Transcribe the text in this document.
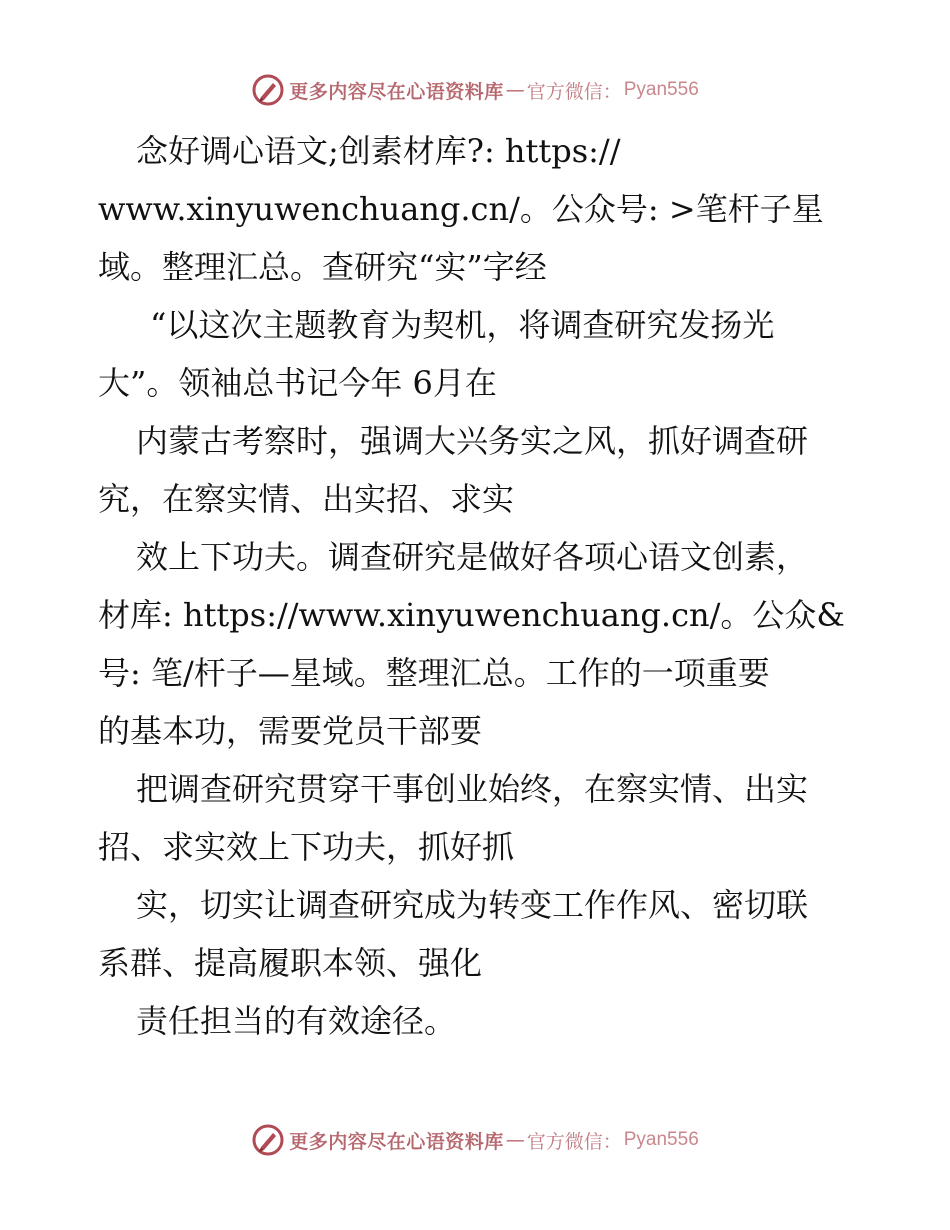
更多内容尽在心语资料库 — 官方微信： Pyan556

念好调心语文;创素材库?: https://

www.xinyuwenchuang.cn/。公众号: >笔杆子星

域。整理汇总。查研究“实”字经

“以这次主题教育为契机，将调查研究发扬光

大”。领袖总书记今年 6月在

内蒙古考察时，强调大兴务实之风，抓好调查研

究，在察实情、出实招、求实

效上下功夫。调查研究是做好各项心语文创素，

材库: https://www.xinyuwenchuang.cn/。公众&

号: 笔/杆子—星域。整理汇总。工作的一项重要

的基本功，需要党员干部要

把调查研究贯穿干事创业始终，在察实情、出实

招、求实效上下功夫，抓好抓

实，切实让调查研究成为转变工作作风、密切联

系群、提高履职本领、强化

责任担当的有效途径。

更多内容尽在心语资料库 — 官方微信： Pyan556
